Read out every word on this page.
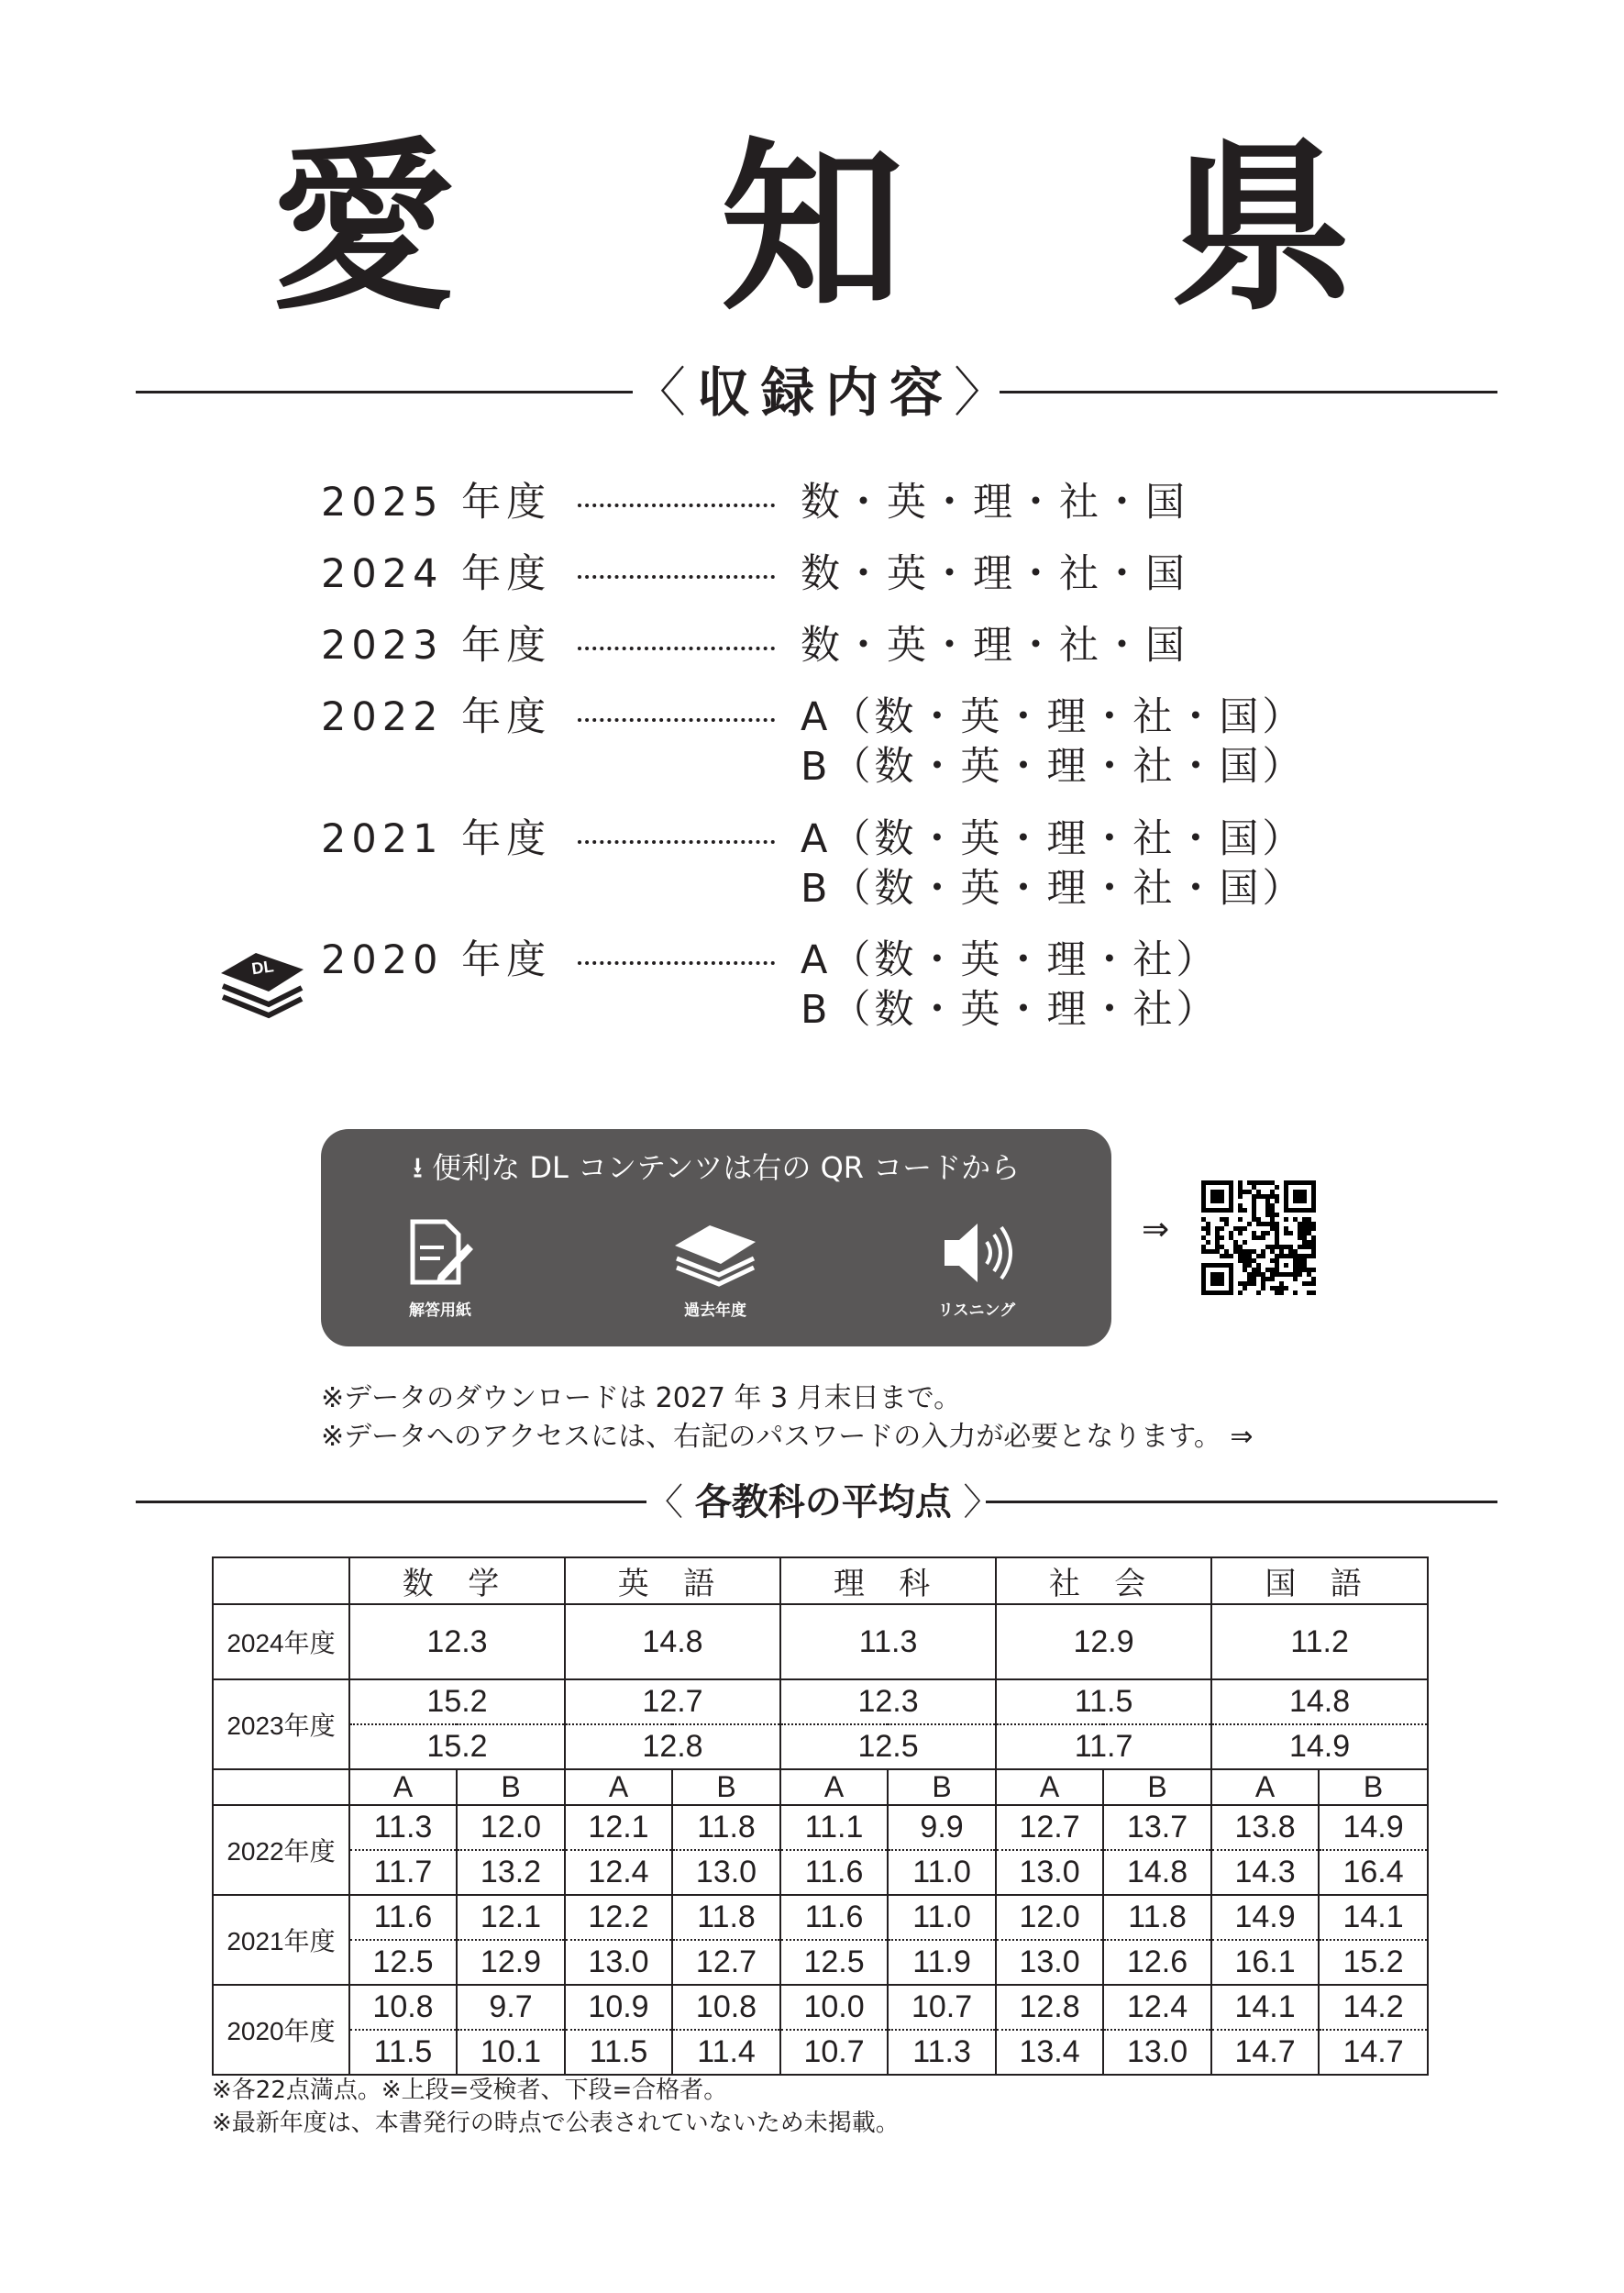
愛 知 県
〈収録内容〉
2025 年度	数・英・理・社・国
2024 年度	数・英・理・社・国
2023 年度	数・英・理・社・国
2022 年度	A（数・英・理・社・国）
B（数・英・理・社・国）
2021 年度	A（数・英・理・社・国）
B（数・英・理・社・国）
2020 年度	A（数・英・理・社）
B（数・英・理・社）
DL
⭳ 便利な DL コンテンツは右の QR コードから
解答用紙	過去年度	リスニング
⇒
※データのダウンロードは 2027 年 3 月末日まで。
※データへのアクセスには、右記のパスワードの入力が必要となります。 ⇒
〈 各教科の平均点 〉
	数 学		英 語		理 科		社 会		国 語	
2024年度	12.3		14.8		11.3		12.9		11.2	
2023年度	15.2		12.7		12.3		11.5		14.8	
	15.2		12.8		12.5		11.7		14.9	
	A	B	A	B	A	B	A	B	A	B
2022年度	11.3	12.0	12.1	11.8	11.1	9.9	12.7	13.7	13.8	14.9
	11.7	13.2	12.4	13.0	11.6	11.0	13.0	14.8	14.3	16.4
2021年度	11.6	12.1	12.2	11.8	11.6	11.0	12.0	11.8	14.9	14.1
	12.5	12.9	13.0	12.7	12.5	11.9	13.0	12.6	16.1	15.2
2020年度	10.8	9.7	10.9	10.8	10.0	10.7	12.8	12.4	14.1	14.2
	11.5	10.1	11.5	11.4	10.7	11.3	13.4	13.0	14.7	14.7
※各22点満点。※上段=受検者、下段=合格者。
※最新年度は、本書発行の時点で公表されていないため未掲載。
